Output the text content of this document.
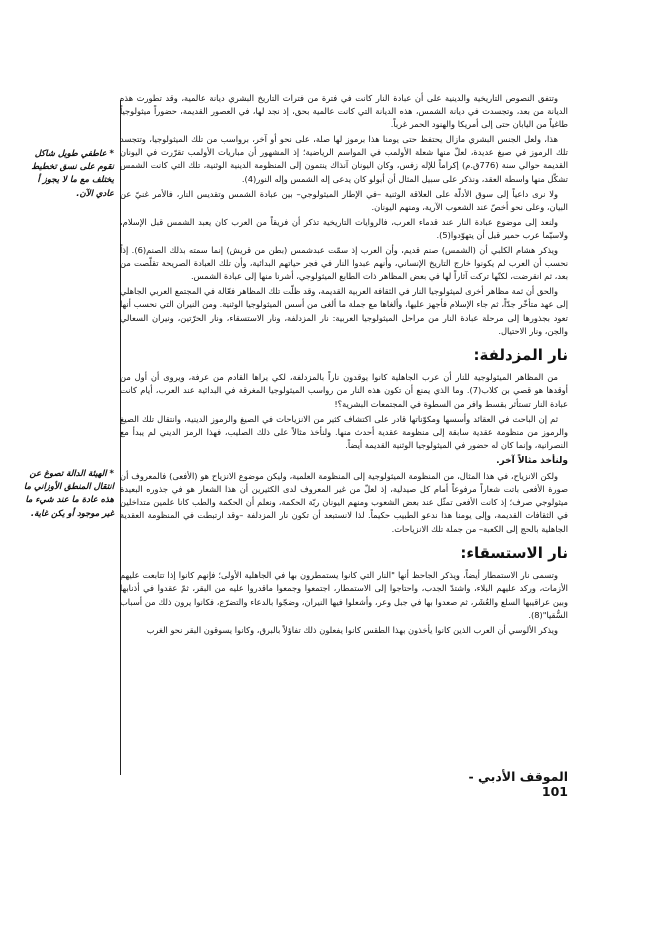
* عاطفي طويل شاكل نقوم على نسق تخطيط يختلف مع ما لا يجوز أ عادي الآن.
* الهيئة الدالة تصوغ عن انتقال المنطق الأوزاني ما هذه عادة ما عند شيء ما غير موجود أو يكن غاية.

وتتفق النصوص التاريخية والدينية على أن عبادة النار كانت في فترة من فترات التاريخ البشري ديانة عالمية، وقد تطورت هذه الديانة من بعد، وتجسدت في ديانة الشمس، هذه الديانة التي كانت عالمية بحق، إذ نجد لها، في العصور القديمة، حضوراً ميثولوجياً طاغياً من اليابان حتى إلى أمريكا والهنود الحمر غرباً.

هذا، ولعل الجنس البشري مازال يحتفظ حتى يومنا هذا برموز لها صلة، على نحو أو آخر، برواسب من تلك الميثولوجيا، وتتجسد تلك الرموز في صيغ عديدة، لعلّ منها شعلة الأولمب في المواسم الرياضية؛ إذ المشهور أن مباريات الأولمب تقرّرت في اليونان القديمة حوالي سنة (776ق.م) إكراماً للإله زفس، وكان اليونان آنذاك ينتمون إلى المنظومة الدينية الوثنية، تلك التي كانت الشمس تشكّل منها واسطة العقد، ونذكر على سبيل المثال أن أبولو كان يدعى إله الشمس وإله النور(4).

ولا نرى داعياً إلى سوق الأدلّة على العلاقة الوثنية –في الإطار الميثولوجي– بين عبادة الشمس وتقديس النار، فالأمر غنيّ عن البيان، وعلى نحو أخصّ عند الشعوب الآرية، ومنهم اليونان.

ولنعد إلى موضوع عبادة النار عند قدماء العرب، فالروايات التاريخية تذكر أن فريقاً من العرب كان يعبد الشمس قبل الإسلام، ولاسيّما عرب حمير قبل أن يتهوّدوا(5).

ويذكر هشام الكلبي أن (الشمس) صنم قديم، وأن العرب إذ سمّت عبدشمس (بطن من قريش) إنما سمته بذلك الصنم(6). إذاً نحسب أن العرب لم يكونوا خارج التاريخ الإنساني، وأنهم عبدوا النار في فجر حياتهم البدائية، وأن تلك العبادة الصريحة تقلّصت من بعد، ثم انقرضت، لكنّها تركت آثاراً لها في بعض المظاهر ذات الطابع الميثولوجي، أشرنا منها إلى عبادة الشمس.

والحق أن ثمة مظاهر أخرى لميثولوجيا النار في الثقافة العربية القديمة، وقد ظلّت تلك المظاهر فعّالة في المجتمع العربي الجاهلي إلى عهد متأخّر جدّاً، ثم جاء الإسلام فأجهز عليها، وألغاها مع جملة ما ألغى من أسس الميثولوجيا الوثنية. ومن النيران التي نحسب أنها تعود بجذورها إلى مرحلة عبادة النار من مراحل الميثولوجيا العربية: نار المزدلفة، ونار الاستسقاء، ونار الحرّتين، ونيران السعالي والجن، ونار الاحتيال.

نار المزدلفة:

من المظاهر الميثولوجية للنار أن عرب الجاهلية كانوا يوقدون ناراً بالمزدلفة، لكي يراها القادم من عرفة، ويروى أن أول من أوقدها هو قصي بن كلاب(7). وما الذي يمنع أن تكون هذه النار من رواسب الميثولوجيا المغرقة في البدائية عند العرب، أيام كانت عبادة النار تستأثر بقسط وافر من السطوة في المجتمعات البشرية؟!

ثم إن الباحث في العقائد وأسسها ومكوّناتها قادر على اكتشاف كثير من الانزياحات في الصيغ والرموز الدينية، وانتقال تلك الصيغ والرموز من منظومة عقدية سابقة إلى منظومة عقدية أحدث منها. ولنأخذ مثالاً على ذلك الصليب، فهذا الرمز الديني لم يبدأ مع النصرانية، وإنما كان له حضور في الميثولوجيا الوثنية القديمة أيضاً.

ولنأخذ مثالاً آخر.

ولكن الانزياح، في هذا المثال، من المنظومة الميثولوجية إلى المنظومة العلمية، وليكن موضوع الانزياح هو (الأفعى) فالمعروف أن صورة الأفعى باتت شعاراً مرفوعاً أمام كل صيدلية، إذ لعلّ من غير المعروف لدى الكثيرين أن هذا الشعار هو في جذوره البعيدة ميثولوجي صرف؛ إذ كانت الأفعى تمثّل عند بعض الشعوب ومنهم اليونان ربّة الحكمة، ونعلم أن الحكمة والطب كانا علمين متداخلين في الثقافات القديمة، وإلى يومنا هذا ندعو الطبيب حكيماً. لذا لانستبعد أن تكون نار المزدلفة –وقد ارتبطت في المنظومة العقدية الجاهلية بالحج إلى الكعبة– من جملة تلك الانزياحات.

نار الاستسقاء:

وتسمى نار الاستمطار أيضاً، ويذكر الجاحظ أنها "النار التي كانوا يستمطرون بها في الجاهلية الأولى؛ فإنهم كانوا إذا تتابعت عليهم الأزمات، وركد عليهم البلاء، واشتدّ الجدب، واحتاجوا إلى الاستمطار، اجتمعوا وجمعوا ماقدروا عليه من البقر، ثمّ عقدوا في أذنابها وبين عراقيبها السلع والعُشَر، ثم صعدوا بها في جبل وعر، وأشعلوا فيها النيران، وضجّوا بالدعاء والتضرّع، فكانوا يرون ذلك من أسباب السُّقيا"(8).

ويذكر الألوسي أن العرب الذين كانوا يأخذون بهذا الطقس كانوا يفعلون ذلك تفاؤلاً بالبرق، وكانوا يسوقون البقر نحو الغرب

الموقف الأدبي - 101
